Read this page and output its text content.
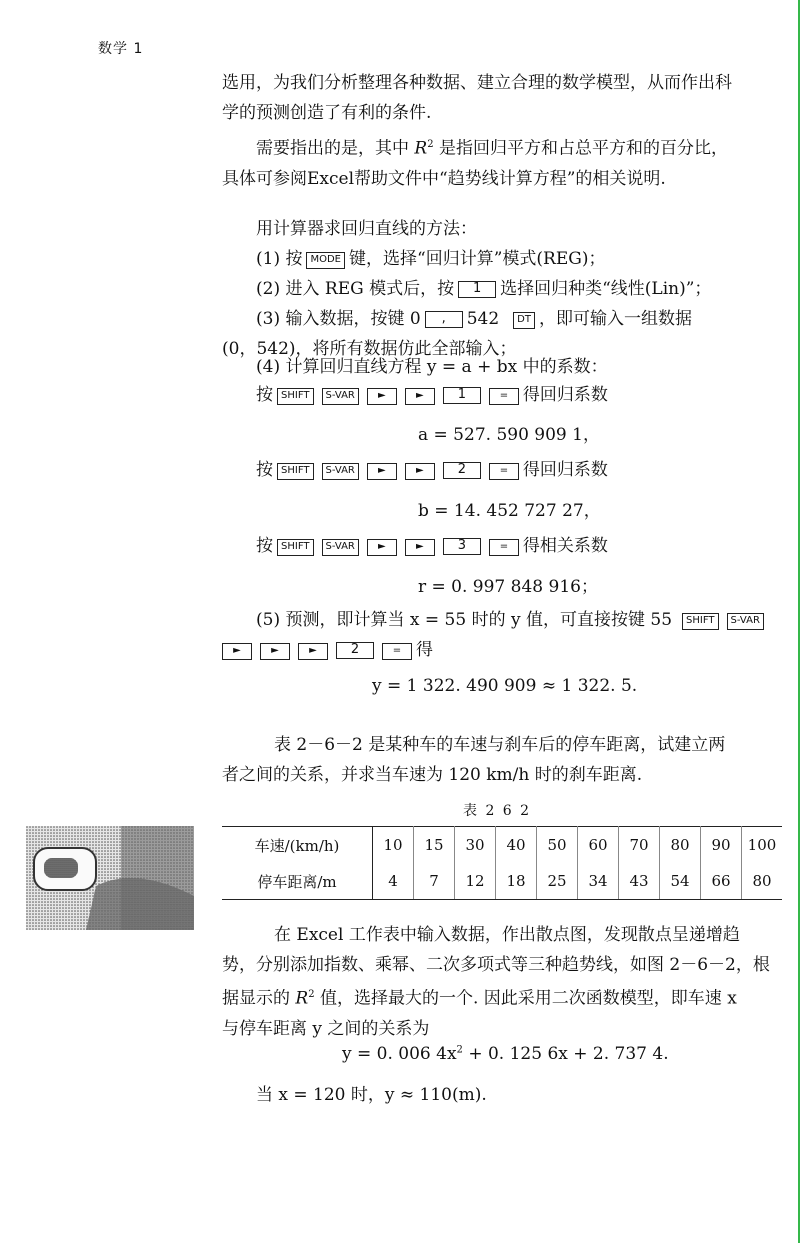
数学 1
选用，为我们分析整理各种数据、建立合理的数学模型，从而作出科
学的预测创造了有利的条件.
需要指出的是，其中 $R^2$ 是指回归平方和占总平方和的百分比，
具体可参阅Excel帮助文件中“趋势线计算方程”的相关说明.
用计算器求回归直线的方法：
(1) 按 MODE 键，选择“回归计算”模式(REG)；
(2) 进入 REG 模式后，按 1 选择回归种类“线性(Lin)”；
(3) 输入数据，按键 0 , 542 DT ，即可输入一组数据
(0，542)，将所有数据仿此全部输入；
(4) 计算回归直线方程 y = a + bx 中的系数：
按 SHIFT S-VAR ►	►	1	= 得回归系数
a = 527. 590 909 1，
按 SHIFT S-VAR ►	►	2	= 得回归系数
b = 14. 452 727 27，
按 SHIFT S-VAR ►	►	3	= 得相关系数
r = 0. 997 848 916；
(5) 预测，即计算当 x = 55 时的 y 值，可直接按键 55 SHIFT S-VAR
►	►	►	2	= 得
y = 1 322. 490 909 ≈ 1 322. 5.
表 2－6－2 是某种车的车速与刹车后的停车距离，试建立两
者之间的关系，并求当车速为 120 km/h 时的刹车距离.
表 2 6 2
车速/(km/h)	10	15	30	40	50	60	70	80	90	100
停车距离/m	4	7	12	18	25	34	43	54	66	80
在 Excel 工作表中输入数据，作出散点图，发现散点呈递增趋
势，分别添加指数、乘幂、二次多项式等三种趋势线，如图 2－6－2，根
据显示的 $R^2$ 值，选择最大的一个. 因此采用二次函数模型，即车速 x
与停车距离 y 之间的关系为
y = 0. 006 $4x^2 + 0$. 125 6x + 2. 737 4.
当 x = 120 时，y ≈ 110(m).
